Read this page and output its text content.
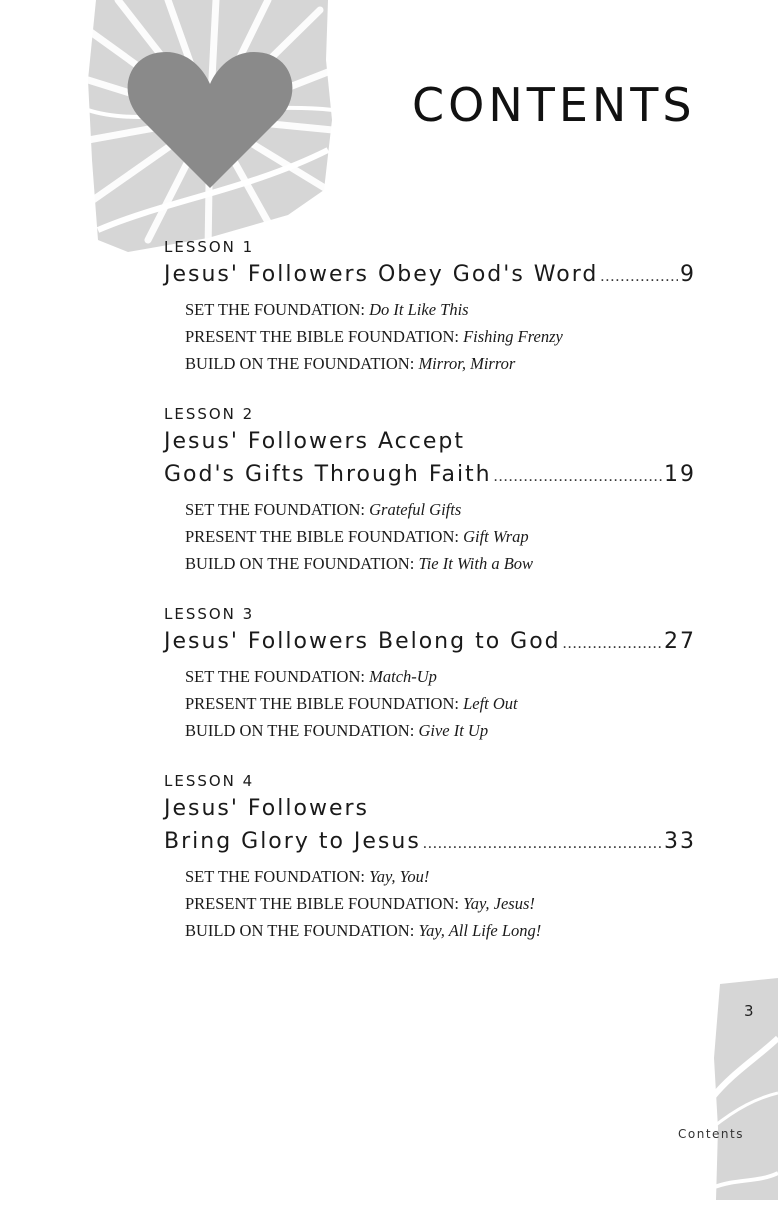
CONTENTS
LESSON 1
Jesus' Followers Obey God's Word .....	9
SET THE FOUNDATION: Do It Like This
PRESENT THE BIBLE FOUNDATION: Fishing Frenzy
BUILD ON THE FOUNDATION: Mirror, Mirror
LESSON 2
Jesus' Followers Accept
God's Gifts Through Faith .....	19
SET THE FOUNDATION: Grateful Gifts
PRESENT THE BIBLE FOUNDATION: Gift Wrap
BUILD ON THE FOUNDATION: Tie It With a Bow
LESSON 3
Jesus' Followers Belong to God .....	27
SET THE FOUNDATION: Match-Up
PRESENT THE BIBLE FOUNDATION: Left Out
BUILD ON THE FOUNDATION: Give It Up
LESSON 4
Jesus' Followers
Bring Glory to Jesus .....	33
SET THE FOUNDATION: Yay, You!
PRESENT THE BIBLE FOUNDATION: Yay, Jesus!
BUILD ON THE FOUNDATION: Yay, All Life Long!
3
Contents
